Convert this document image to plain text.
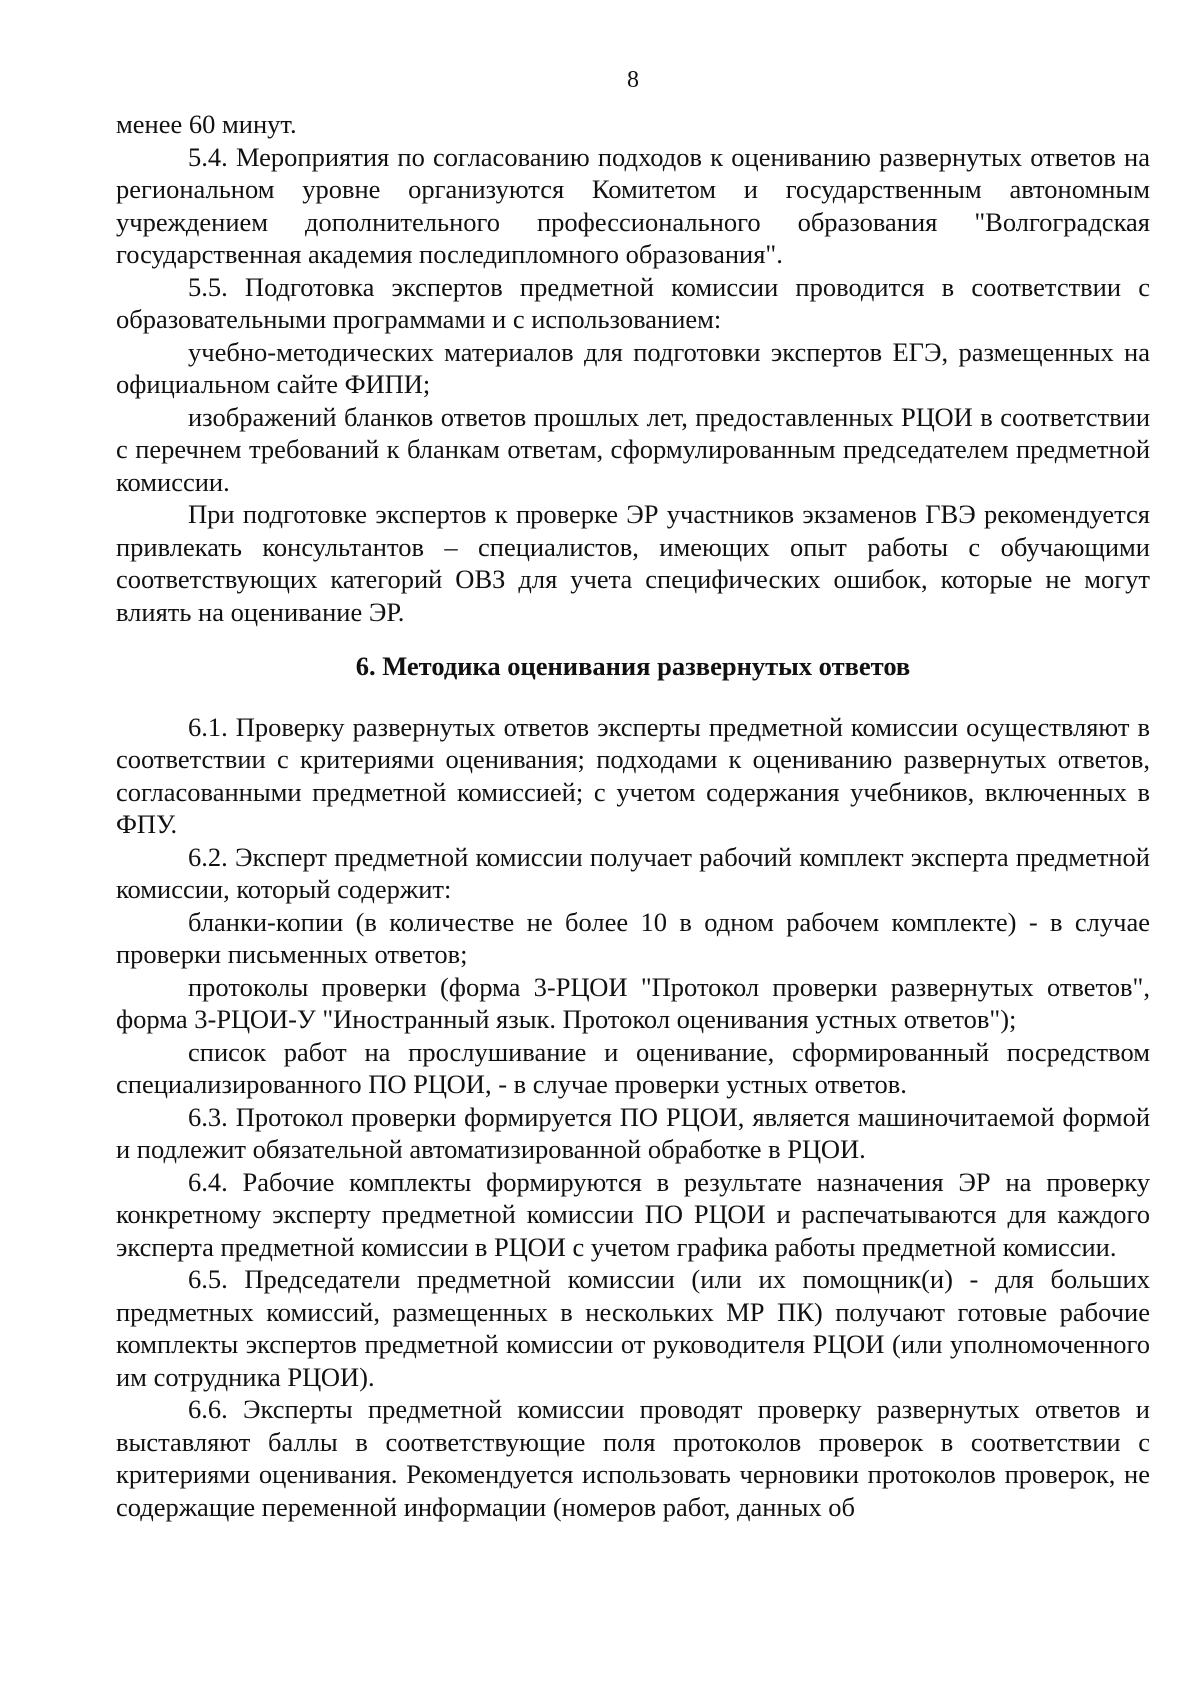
8

менее 60 минут.

5.4. Мероприятия по согласованию подходов к оцениванию развернутых ответов на региональном уровне организуются Комитетом и государственным автономным учреждением дополнительного профессионального образования "Волгоградская государственная академия последипломного образования".

5.5. Подготовка экспертов предметной комиссии проводится в соответствии с образовательными программами и с использованием:

учебно-методических материалов для подготовки экспертов ЕГЭ, размещенных на официальном сайте ФИПИ;

изображений бланков ответов прошлых лет, предоставленных РЦОИ в соответствии с перечнем требований к бланкам ответам, сформулированным председателем предметной комиссии.

При подготовке экспертов к проверке ЭР участников экзаменов ГВЭ рекомендуется привлекать консультантов – специалистов, имеющих опыт работы с обучающими соответствующих категорий ОВЗ для учета специфических ошибок, которые не могут влиять на оценивание ЭР.

6. Методика оценивания развернутых ответов

6.1. Проверку развернутых ответов эксперты предметной комиссии осуществляют в соответствии с критериями оценивания; подходами к оцениванию развернутых ответов, согласованными предметной комиссией; с учетом содержания учебников, включенных в ФПУ.

6.2. Эксперт предметной комиссии получает рабочий комплект эксперта предметной комиссии, который содержит:

бланки-копии (в количестве не более 10 в одном рабочем комплекте) - в случае проверки письменных ответов;

протоколы проверки (форма 3-РЦОИ "Протокол проверки развернутых ответов", форма 3-РЦОИ-У "Иностранный язык. Протокол оценивания устных ответов");

список работ на прослушивание и оценивание, сформированный посредством специализированного ПО РЦОИ, - в случае проверки устных ответов.

6.3. Протокол проверки формируется ПО РЦОИ, является машиночитаемой формой и подлежит обязательной автоматизированной обработке в РЦОИ.

6.4. Рабочие комплекты формируются в результате назначения ЭР на проверку конкретному эксперту предметной комиссии ПО РЦОИ и распечатываются для каждого эксперта предметной комиссии в РЦОИ с учетом графика работы предметной комиссии.

6.5. Председатели предметной комиссии (или их помощник(и) - для больших предметных комиссий, размещенных в нескольких МР ПК) получают готовые рабочие комплекты экспертов предметной комиссии от руководителя РЦОИ (или уполномоченного им сотрудника РЦОИ).

6.6. Эксперты предметной комиссии проводят проверку развернутых ответов и выставляют баллы в соответствующие поля протоколов проверок в соответствии с критериями оценивания. Рекомендуется использовать черновики протоколов проверок, не содержащие переменной информации (номеров работ, данных об
